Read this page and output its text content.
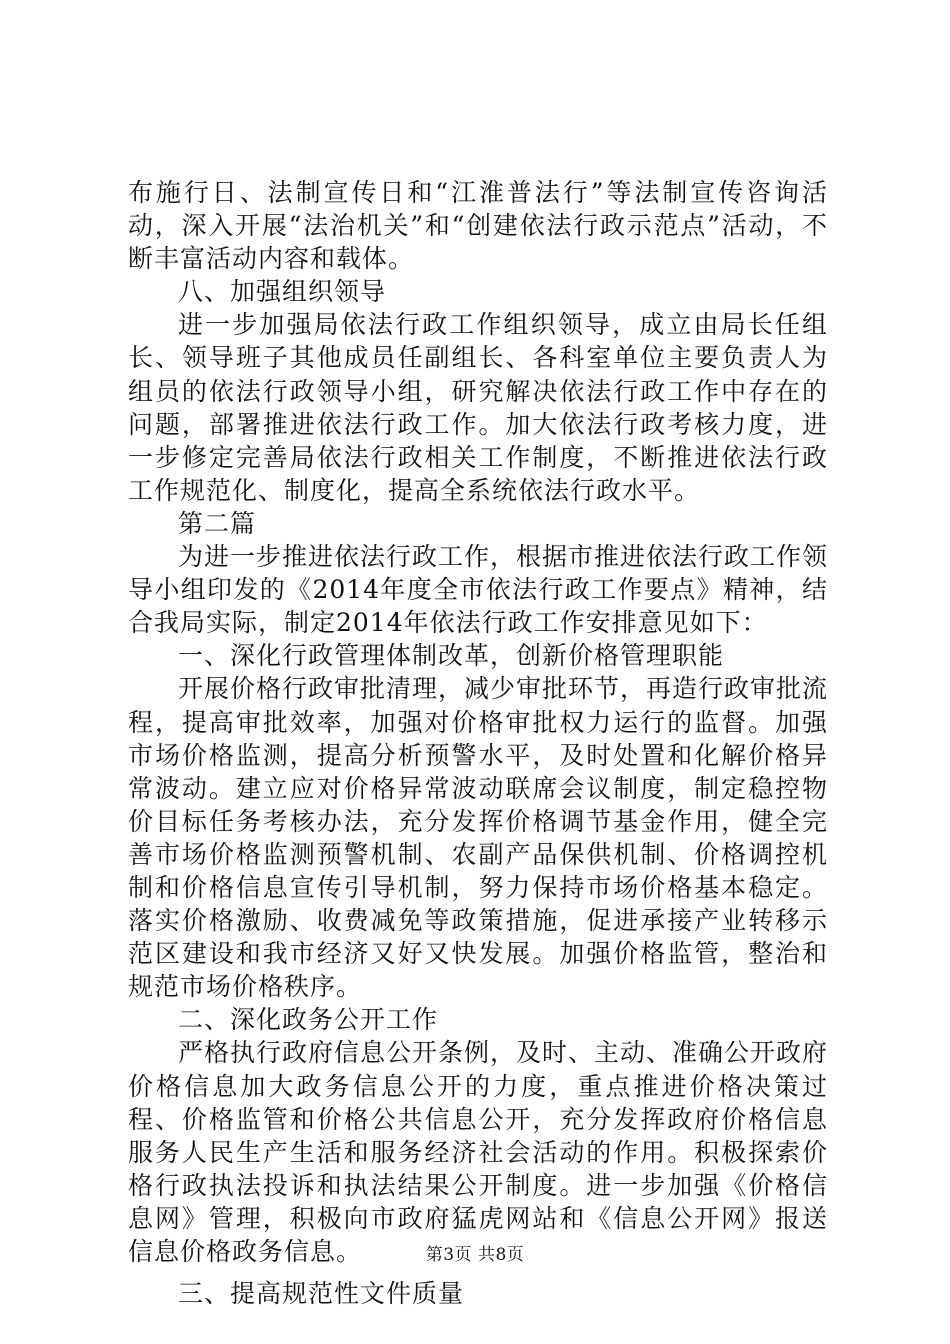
布施行日、法制宣传日和“江淮普法行”等法制宣传咨询活动，深入开展“法治机关”和“创建依法行政示范点”活动，不断丰富活动内容和载体。

八、加强组织领导

进一步加强局依法行政工作组织领导，成立由局长任组长、领导班子其他成员任副组长、各科室单位主要负责人为组员的依法行政领导小组，研究解决依法行政工作中存在的问题，部署推进依法行政工作。加大依法行政考核力度，进一步修定完善局依法行政相关工作制度，不断推进依法行政工作规范化、制度化，提高全系统依法行政水平。

第二篇

为进一步推进依法行政工作，根据市推进依法行政工作领导小组印发的《2014年度全市依法行政工作要点》精神，结合我局实际，制定2014年依法行政工作安排意见如下：

一、深化行政管理体制改革，创新价格管理职能

开展价格行政审批清理，减少审批环节，再造行政审批流程，提高审批效率，加强对价格审批权力运行的监督。加强市场价格监测，提高分析预警水平，及时处置和化解价格异常波动。建立应对价格异常波动联席会议制度，制定稳控物价目标任务考核办法，充分发挥价格调节基金作用，健全完善市场价格监测预警机制、农副产品保供机制、价格调控机制和价格信息宣传引导机制，努力保持市场价格基本稳定。落实价格激励、收费减免等政策措施，促进承接产业转移示范区建设和我市经济又好又快发展。加强价格监管，整治和规范市场价格秩序。

二、深化政务公开工作

严格执行政府信息公开条例，及时、主动、准确公开政府价格信息加大政务信息公开的力度，重点推进价格决策过程、价格监管和价格公共信息公开，充分发挥政府价格信息服务人民生产生活和服务经济社会活动的作用。积极探索价格行政执法投诉和执法结果公开制度。进一步加强《价格信息网》管理，积极向市政府猛虎网站和《信息公开网》报送信息价格政务信息。

三、提高规范性文件质量

第3页 共8页
